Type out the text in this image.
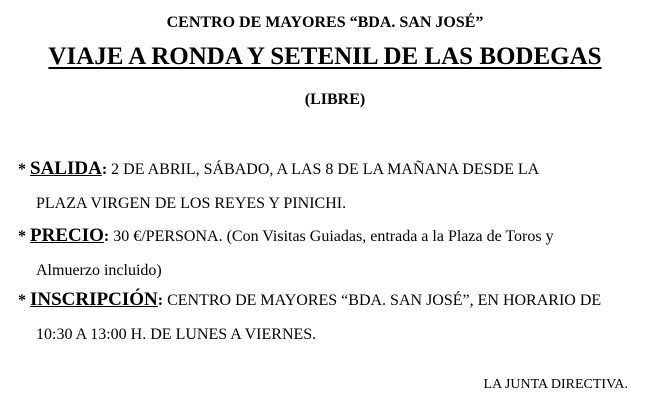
CENTRO DE MAYORES “BDA. SAN JOSÉ”
VIAJE A RONDA Y SETENIL DE LAS BODEGAS
(LIBRE)
* SALIDA: 2 DE ABRIL, SÁBADO, A LAS 8 DE LA MAÑANA DESDE LA
PLAZA VIRGEN DE LOS REYES Y PINICHI.
* PRECIO: 30 €/PERSONA. (Con Visitas Guiadas, entrada a la Plaza de Toros y
Almuerzo incluido)
* INSCRIPCIÓN: CENTRO DE MAYORES “BDA. SAN JOSÉ”, EN HORARIO DE
10:30 A 13:00 H. DE LUNES A VIERNES.
LA JUNTA DIRECTIVA.
